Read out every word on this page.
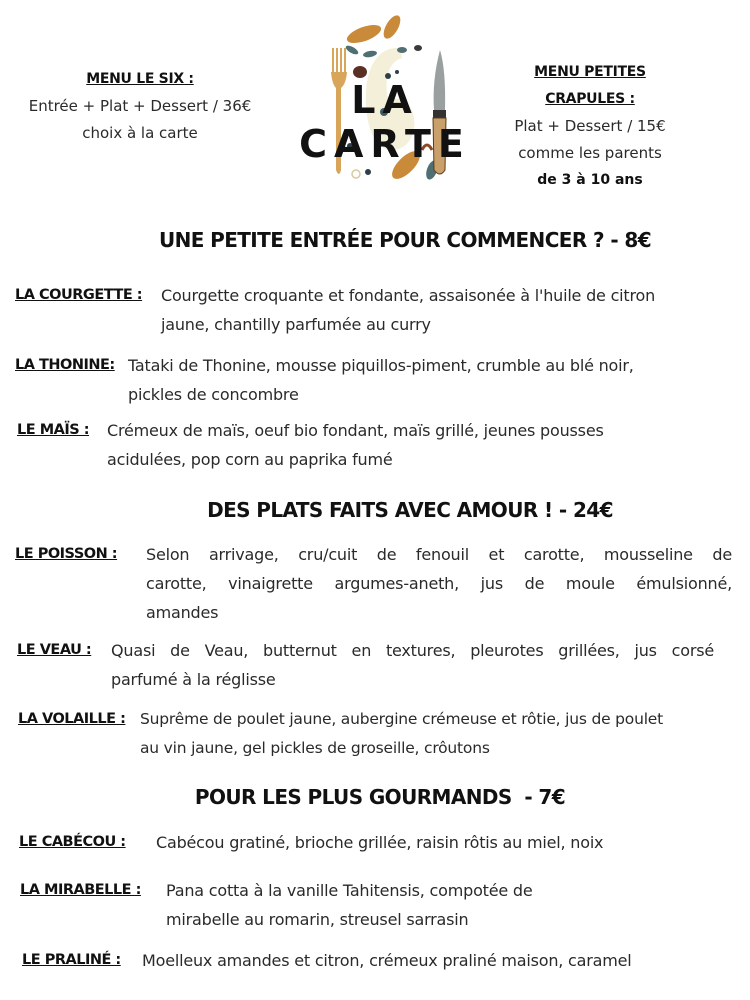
MENU LE SIX :
Entrée + Plat + Dessert / 36€
choix à la carte
LA CARTE
MENU PETITES
CRAPULES :
Plat + Dessert / 15€
comme les parents
de 3 à 10 ans
UNE PETITE ENTRÉE POUR COMMENCER ? - 8€
LA COURGETTE : Courgette croquante et fondante, assaisonée à l'huile de citron
jaune, chantilly parfumée au curry
LA THONINE: Tataki de Thonine, mousse piquillos-piment, crumble au blé noir,
pickles de concombre
LE MAÏS : Crémeux de maïs, oeuf bio fondant, maïs grillé, jeunes pousses
acidulées, pop corn au paprika fumé
DES PLATS FAITS AVEC AMOUR ! - 24€
LE POISSON : Selon arrivage, cru/cuit de fenouil et carotte, mousseline de
carotte, vinaigrette argumes-aneth, jus de moule émulsionné,
amandes
LE VEAU : Quasi de Veau, butternut en textures, pleurotes grillées, jus corsé
parfumé à la réglisse
LA VOLAILLE : Suprême de poulet jaune, aubergine crémeuse et rôtie, jus de poulet
au vin jaune, gel pickles de groseille, crôutons
POUR LES PLUS GOURMANDS  - 7€
LE CABÉCOU : Cabécou gratiné, brioche grillée, raisin rôtis au miel, noix
LA MIRABELLE : Pana cotta à la vanille Tahitensis, compotée de
mirabelle au romarin, streusel sarrasin
LE PRALINÉ : Moelleux amandes et citron, crémeux praliné maison, caramel
